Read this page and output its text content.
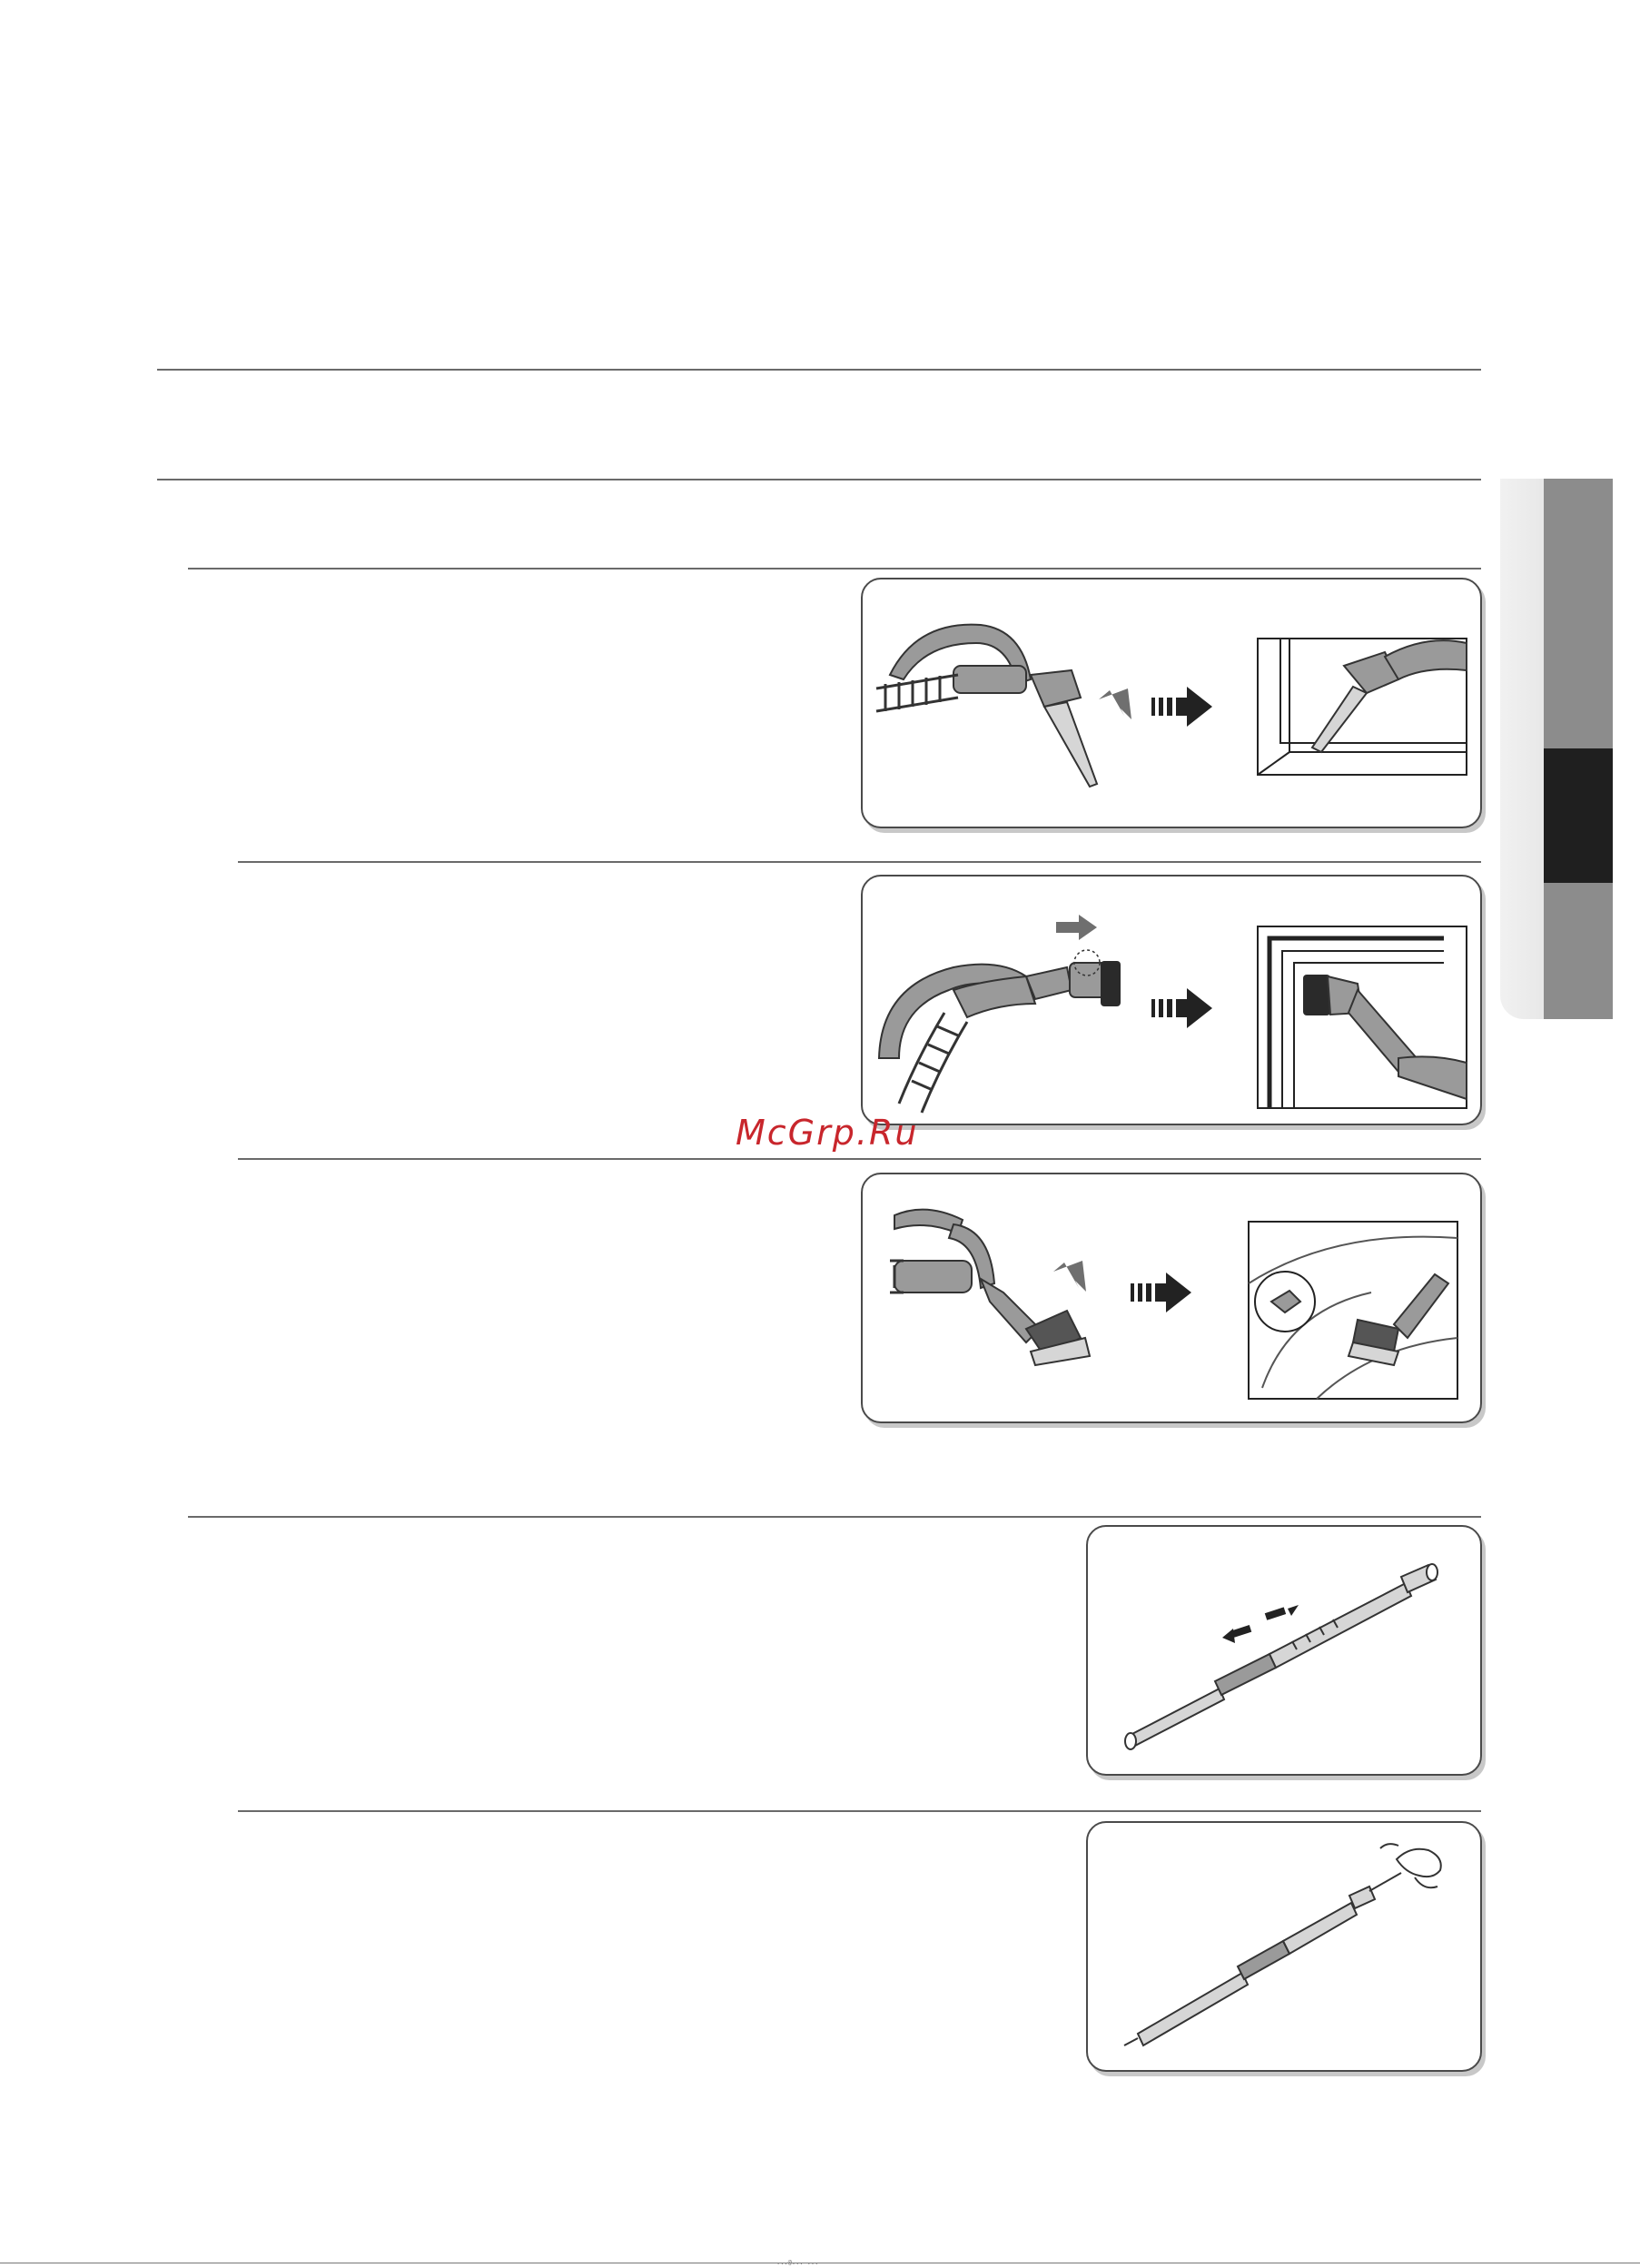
McGrp.Ru
...@... ...
